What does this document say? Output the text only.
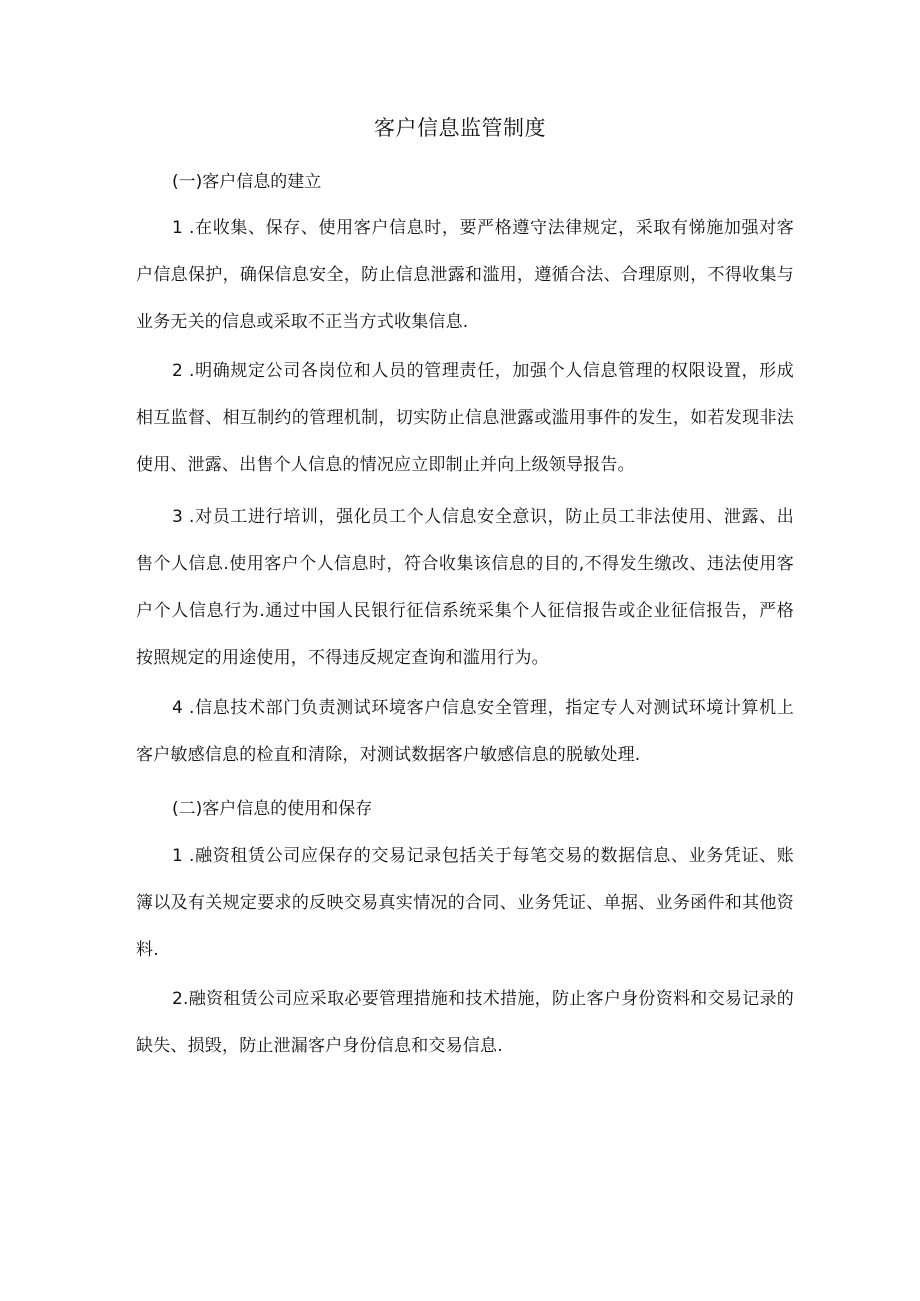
客户信息监管制度

(一)客户信息的建立

1 .在收集、保存、使用客户信息时，要严格遵守法律规定，采取有悌施加强对客户信息保护，确保信息安全，防止信息泄露和滥用，遵循合法、合理原则，不得收集与业务无关的信息或采取不正当方式收集信息.

2 .明确规定公司各岗位和人员的管理责任，加强个人信息管理的权限设置，形成相互监督、相互制约的管理机制，切实防止信息泄露或滥用事件的发生，如若发现非法使用、泄露、出售个人信息的情况应立即制止并向上级领导报告。

3 .对员工进行培训，强化员工个人信息安全意识，防止员工非法使用、泄露、出售个人信息.使用客户个人信息时，符合收集该信息的目的,不得发生缴改、违法使用客户个人信息行为.通过中国人民银行征信系统采集个人征信报告或企业征信报告，严格按照规定的用途使用，不得违反规定查询和滥用行为。

4 .信息技术部门负责测试环境客户信息安全管理，指定专人对测试环境计算机上客户敏感信息的检直和清除，对测试数据客户敏感信息的脱敏处理.

(二)客户信息的使用和保存

1 .融资租赁公司应保存的交易记录包括关于每笔交易的数据信息、业务凭证、账簿以及有关规定要求的反映交易真实情况的合同、业务凭证、单据、业务函件和其他资料.

2.融资租赁公司应采取必要管理措施和技术措施，防止客户身份资料和交易记录的缺失、损毁，防止泄漏客户身份信息和交易信息.
